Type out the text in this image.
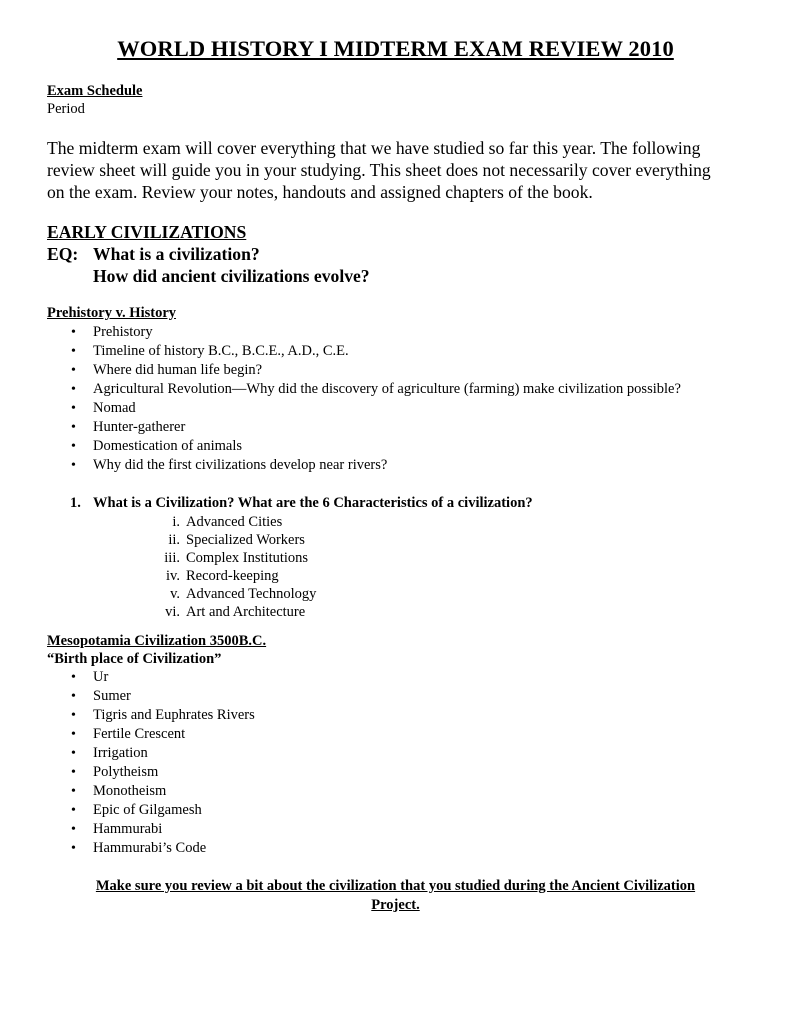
WORLD HISTORY I MIDTERM EXAM REVIEW 2010
Exam Schedule
Period
The midterm exam will cover everything that we have studied so far this year. The following
review sheet will guide you in your studying. This sheet does not necessarily cover everything
on the exam. Review your notes, handouts and assigned chapters of the book.
EARLY CIVILIZATIONS
EQ: What is a civilization?
How did ancient civilizations evolve?
Prehistory v. History
• Prehistory
• Timeline of history B.C., B.C.E., A.D., C.E.
• Where did human life begin?
• Agricultural Revolution—Why did the discovery of agriculture (farming) make civilization possible?
• Nomad
• Hunter-gatherer
• Domestication of animals
• Why did the first civilizations develop near rivers?
1. What is a Civilization? What are the 6 Characteristics of a civilization?
i. Advanced Cities
ii. Specialized Workers
iii. Complex Institutions
iv. Record-keeping
v. Advanced Technology
vi. Art and Architecture
Mesopotamia Civilization 3500B.C.
“Birth place of Civilization”
• Ur
• Sumer
• Tigris and Euphrates Rivers
• Fertile Crescent
• Irrigation
• Polytheism
• Monotheism
• Epic of Gilgamesh
• Hammurabi
• Hammurabi’s Code
Make sure you review a bit about the civilization that you studied during the Ancient Civilization
Project.
